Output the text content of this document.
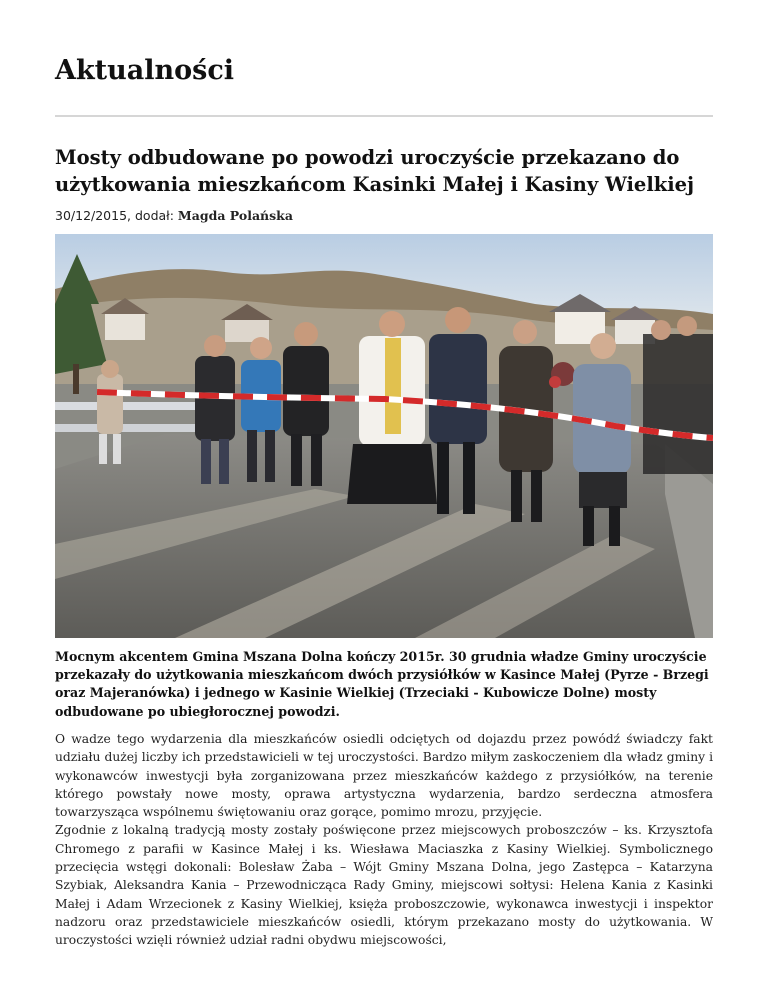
Aktualności
Mosty odbudowane po powodzi uroczyście przekazano do użytkowania mieszkańcom Kasinki Małej i Kasiny Wielkiej
30/12/2015, dodał: Magda Polańska

Mocnym akcentem Gmina Mszana Dolna kończy 2015r. 30 grudnia władze Gminy uroczyście przekazały do użytkowania mieszkańcom dwóch przysiółków w Kasince Małej (Pyrze - Brzegi oraz Majeranówka) i jednego w Kasinie Wielkiej (Trzeciaki - Kubowicze Dolne) mosty odbudowane po ubiegłorocznej powodzi.

O wadze tego wydarzenia dla mieszkańców osiedli odciętych od dojazdu przez powódź świadczy fakt udziału dużej liczby ich przedstawicieli w tej uroczystości. Bardzo miłym zaskoczeniem dla władz gminy i wykonawców inwestycji była zorganizowana przez mieszkańców każdego z przysiółków, na terenie którego powstały nowe mosty, oprawa artystyczna wydarzenia, bardzo serdeczna atmosfera towarzysząca wspólnemu świętowaniu oraz gorące, pomimo mrozu, przyjęcie.

Zgodnie z lokalną tradycją mosty zostały poświęcone przez miejscowych proboszczów – ks. Krzysztofa Chromego z parafii w Kasince Małej i ks. Wiesława Maciaszka z Kasiny Wielkiej. Symbolicznego przecięcia wstęgi dokonali: Bolesław Żaba – Wójt Gminy Mszana Dolna, jego Zastępca – Katarzyna Szybiak, Aleksandra Kania – Przewodnicząca Rady Gminy, miejscowi sołtysi: Helena Kania z Kasinki Małej i Adam Wrzecionek z Kasiny Wielkiej, księża proboszczowie, wykonawca inwestycji i inspektor nadzoru oraz przedstawiciele mieszkańców osiedli, którym przekazano mosty do użytkowania. W uroczystości wzięli również udział radni obydwu miejscowości,
